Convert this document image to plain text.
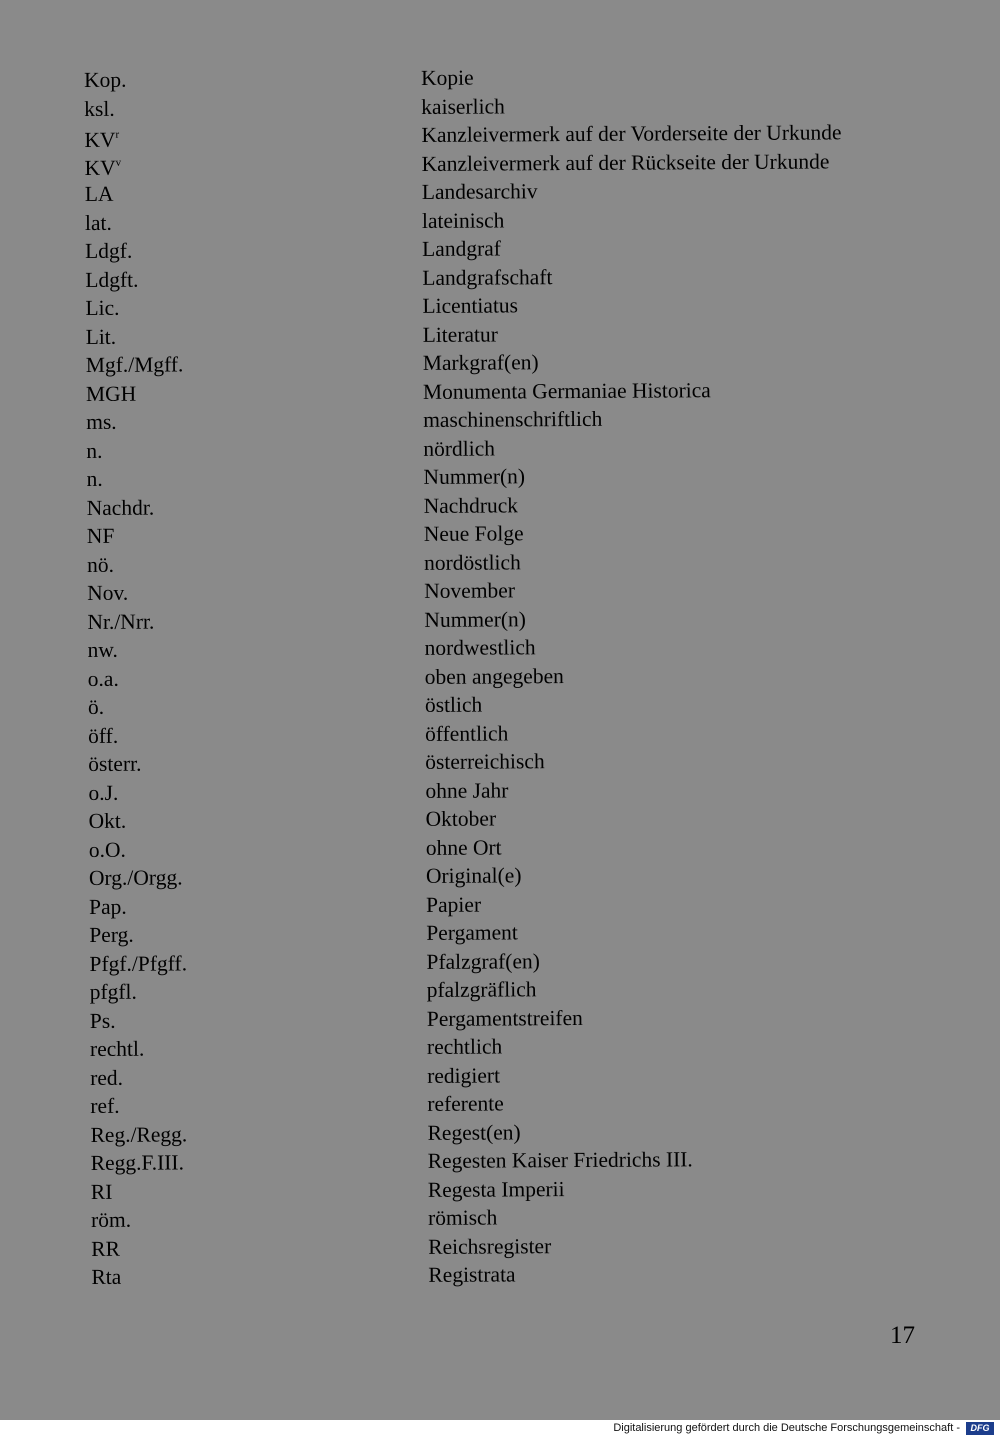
Kop.	Kopie
ksl.	kaiserlich
$KV^r$	Kanzleivermerk auf der Vorderseite der Urkunde
$KV^v$	Kanzleivermerk auf der Rückseite der Urkunde
LA	Landesarchiv
lat.	lateinisch
Ldgf.	Landgraf
Ldgft.	Landgrafschaft
Lic.	Licentiatus
Lit.	Literatur
Mgf./Mgff.	Markgraf(en)
MGH	Monumenta Germaniae Historica
ms.	maschinenschriftlich
n.	nördlich
n.	Nummer(n)
Nachdr.	Nachdruck
NF	Neue Folge
nö.	nordöstlich
Nov.	November
Nr./Nrr.	Nummer(n)
nw.	nordwestlich
o.a.	oben angegeben
ö.	östlich
öff.	öffentlich
österr.	österreichisch
o.J.	ohne Jahr
Okt.	Oktober
o.O.	ohne Ort
Org./Orgg.	Original(e)
Pap.	Papier
Perg.	Pergament
Pfgf./Pfgff.	Pfalzgraf(en)
pfgfl.	pfalzgräflich
Ps.	Pergamentstreifen
rechtl.	rechtlich
red.	redigiert
ref.	referente
Reg./Regg.	Regest(en)
Regg.F.III.	Regesten Kaiser Friedrichs III.
RI	Regesta Imperii
röm.	römisch
RR	Reichsregister
Rta	Registrata
17
Digitalisierung gefördert durch die Deutsche Forschungsgemeinschaft -	DFG
